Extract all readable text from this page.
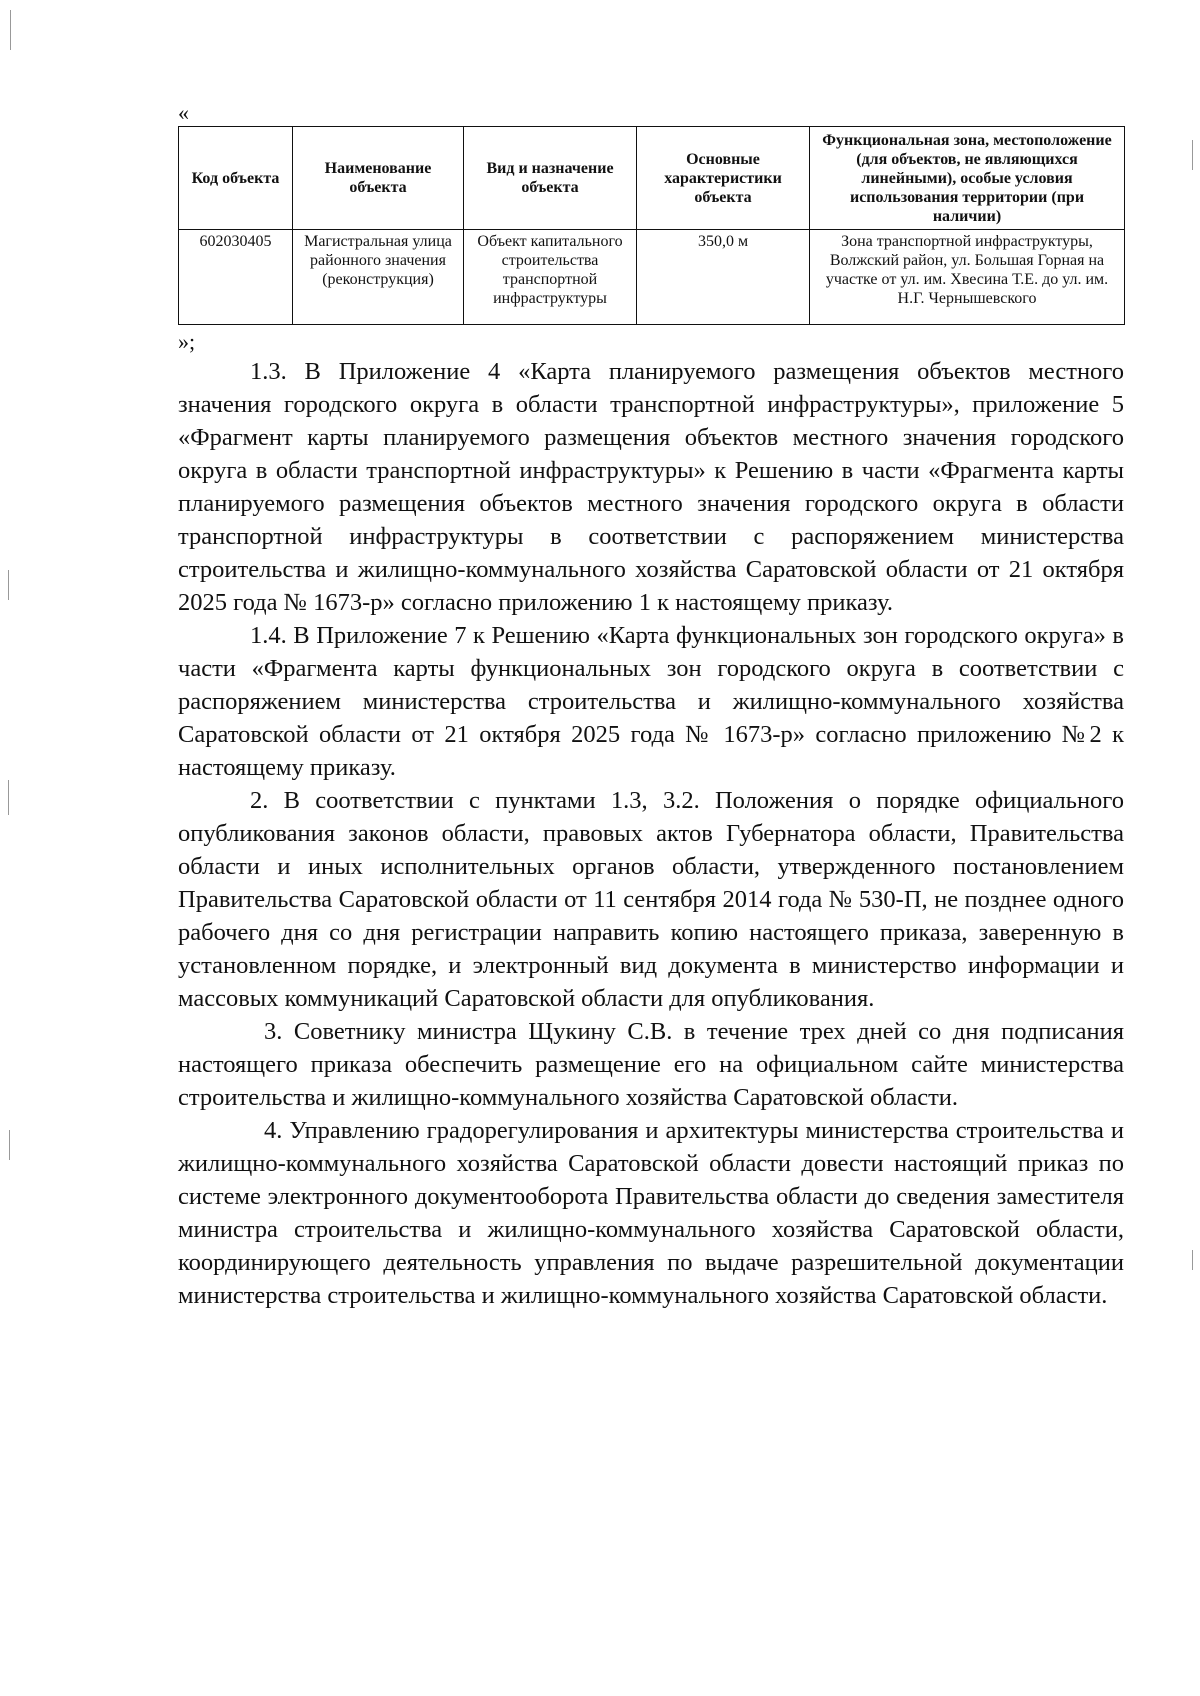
«
Код объекта	Наименование объекта	Вид и назначение объекта	Основные характеристики объекта	Функциональная зона, местоположение (для объектов, не являющихся линейными), особые условия использования территории (при наличии)
602030405	Магистральная улица районного значения (реконструкция)	Объект капитального строительства транспортной инфраструктуры	350,0 м	Зона транспортной инфраструктуры, Волжский район, ул. Большая Горная на участке от ул. им. Хвесина Т.Е. до ул. им. Н.Г. Чернышевского
»;

1.3. В Приложение 4 «Карта планируемого размещения объектов местного значения городского округа в области транспортной инфраструктуры», приложение 5 «Фрагмент карты планируемого размещения объектов местного значения городского округа в области транспортной инфраструктуры» к Решению в части «Фрагмента карты планируемого размещения объектов местного значения городского округа в области транспортной инфраструктуры в соответствии с распоряжением министерства строительства и жилищно-коммунального хозяйства Саратовской области от 21 октября 2025 года № 1673-р» согласно приложению 1 к настоящему приказу.

1.4. В Приложение 7 к Решению «Карта функциональных зон городского округа» в части «Фрагмента карты функциональных зон городского округа в соответствии с распоряжением министерства строительства и жилищно-коммунального хозяйства Саратовской области от 21 октября 2025 года № 1673-р» согласно приложению №2 к настоящему приказу.

2. В соответствии с пунктами 1.3, 3.2. Положения о порядке официального опубликования законов области, правовых актов Губернатора области, Правительства области и иных исполнительных органов области, утвержденного постановлением Правительства Саратовской области от 11 сентября 2014 года № 530-П, не позднее одного рабочего дня со дня регистрации направить копию настоящего приказа, заверенную в установленном порядке, и электронный вид документа в министерство информации и массовых коммуникаций Саратовской области для опубликования.

3. Советнику министра Щукину С.В. в течение трех дней со дня подписания настоящего приказа обеспечить размещение его на официальном сайте министерства строительства и жилищно-коммунального хозяйства Саратовской области.

4. Управлению градорегулирования и архитектуры министерства строительства и жилищно-коммунального хозяйства Саратовской области довести настоящий приказ по системе электронного документооборота Правительства области до сведения заместителя министра строительства и жилищно-коммунального хозяйства Саратовской области, координирующего деятельность управления по выдаче разрешительной документации министерства строительства и жилищно-коммунального хозяйства Саратовской области.
